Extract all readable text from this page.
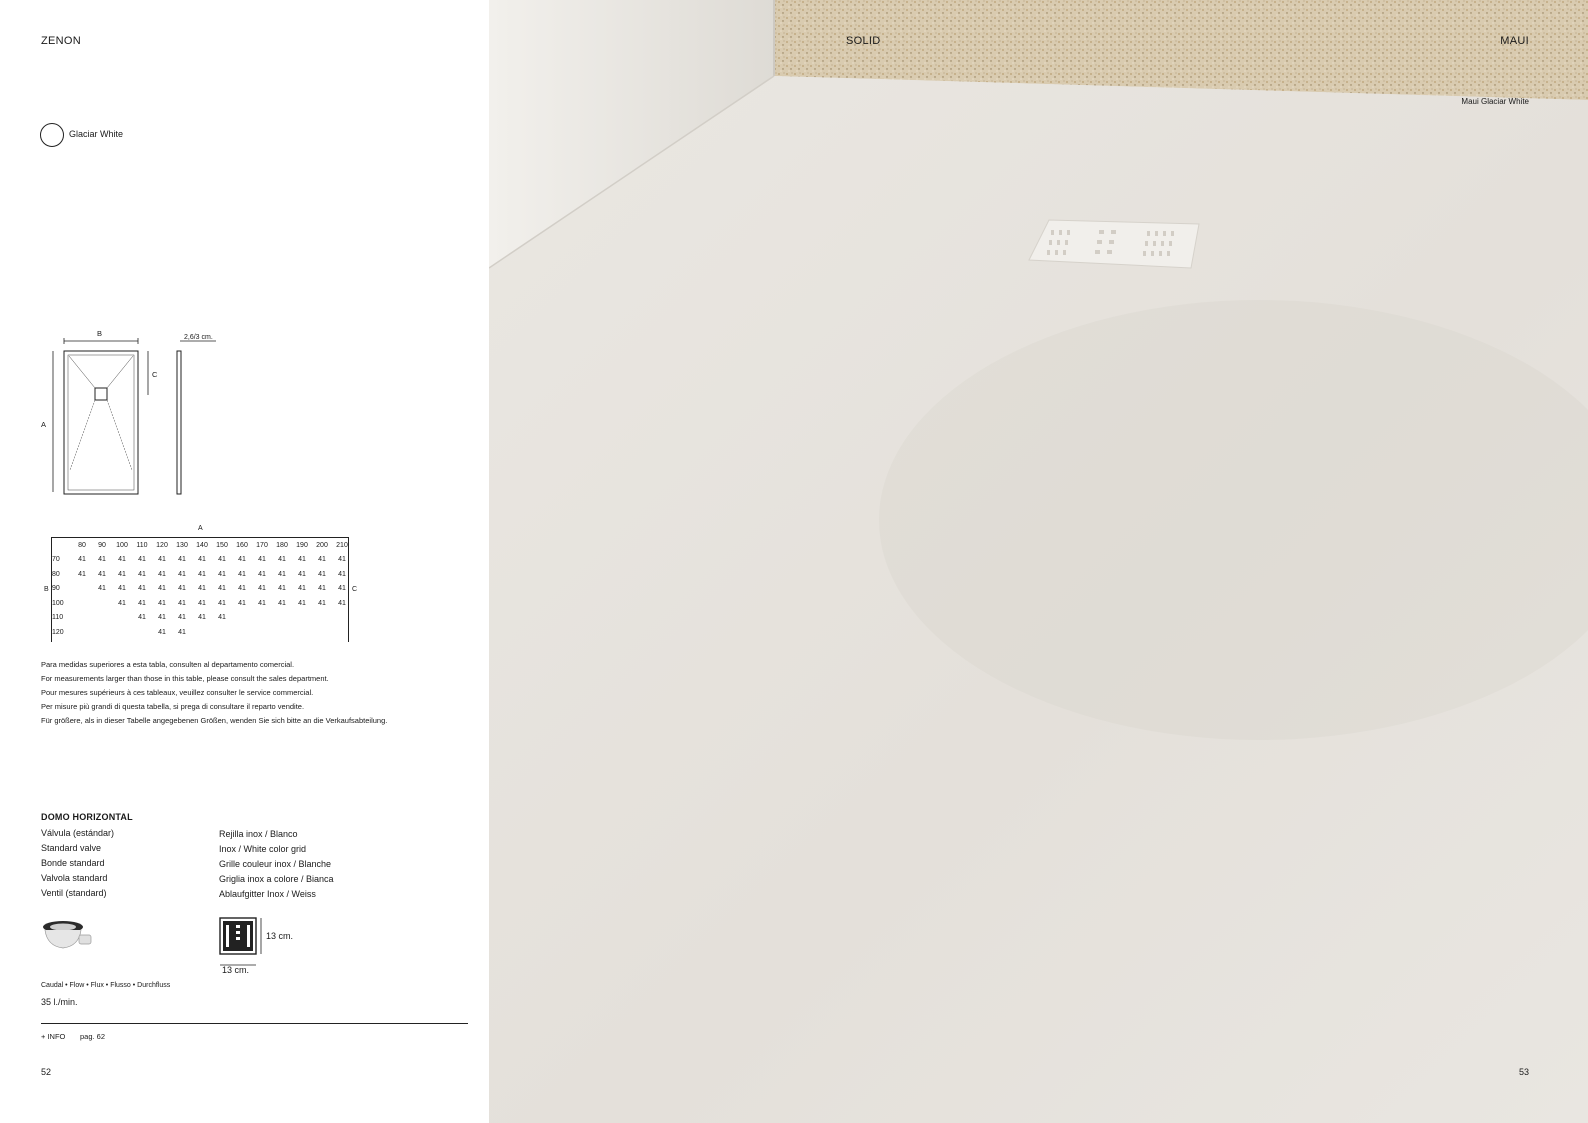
ZENON
Glaciar White
B
A
C
2,6/3 cm.
A
B	C
	80	90	100	110	120	130	140	150	160	170	180	190	200	210
70	41	41	41	41	41	41	41	41	41	41	41	41	41	41
80	41	41	41	41	41	41	41	41	41	41	41	41	41	41
90		41	41	41	41	41	41	41	41	41	41	41	41	41
100			41	41	41	41	41	41	41	41	41	41	41	41
110				41	41	41	41	41						
120					41	41								
Para medidas superiores a esta tabla, consulten al departamento comercial.
For measurements larger than those in this table, please consult the sales department.
Pour mesures supérieurs à ces tableaux, veuillez consulter le service commercial.
Per misure più grandi di questa tabella, si prega di consultare il reparto vendite.
Für größere, als in dieser Tabelle angegebenen Größen, wenden Sie sich bitte an die Verkaufsabteilung.
DOMO HORIZONTAL
Válvula (estándar)
Standard valve
Bonde standard
Valvola standard
Ventil (standard)
Caudal • Flow • Flux • Flusso • Durchfluss
35 l./min.
Rejilla inox / Blanco
Inox / White color grid
Grille couleur inox / Blanche
Griglia inox a colore / Bianca
Ablaufgitter Inox / Weiss
13 cm.
13 cm.
+ INFO pag. 62
52
SOLID	MAUI
Maui Glaciar White
53
